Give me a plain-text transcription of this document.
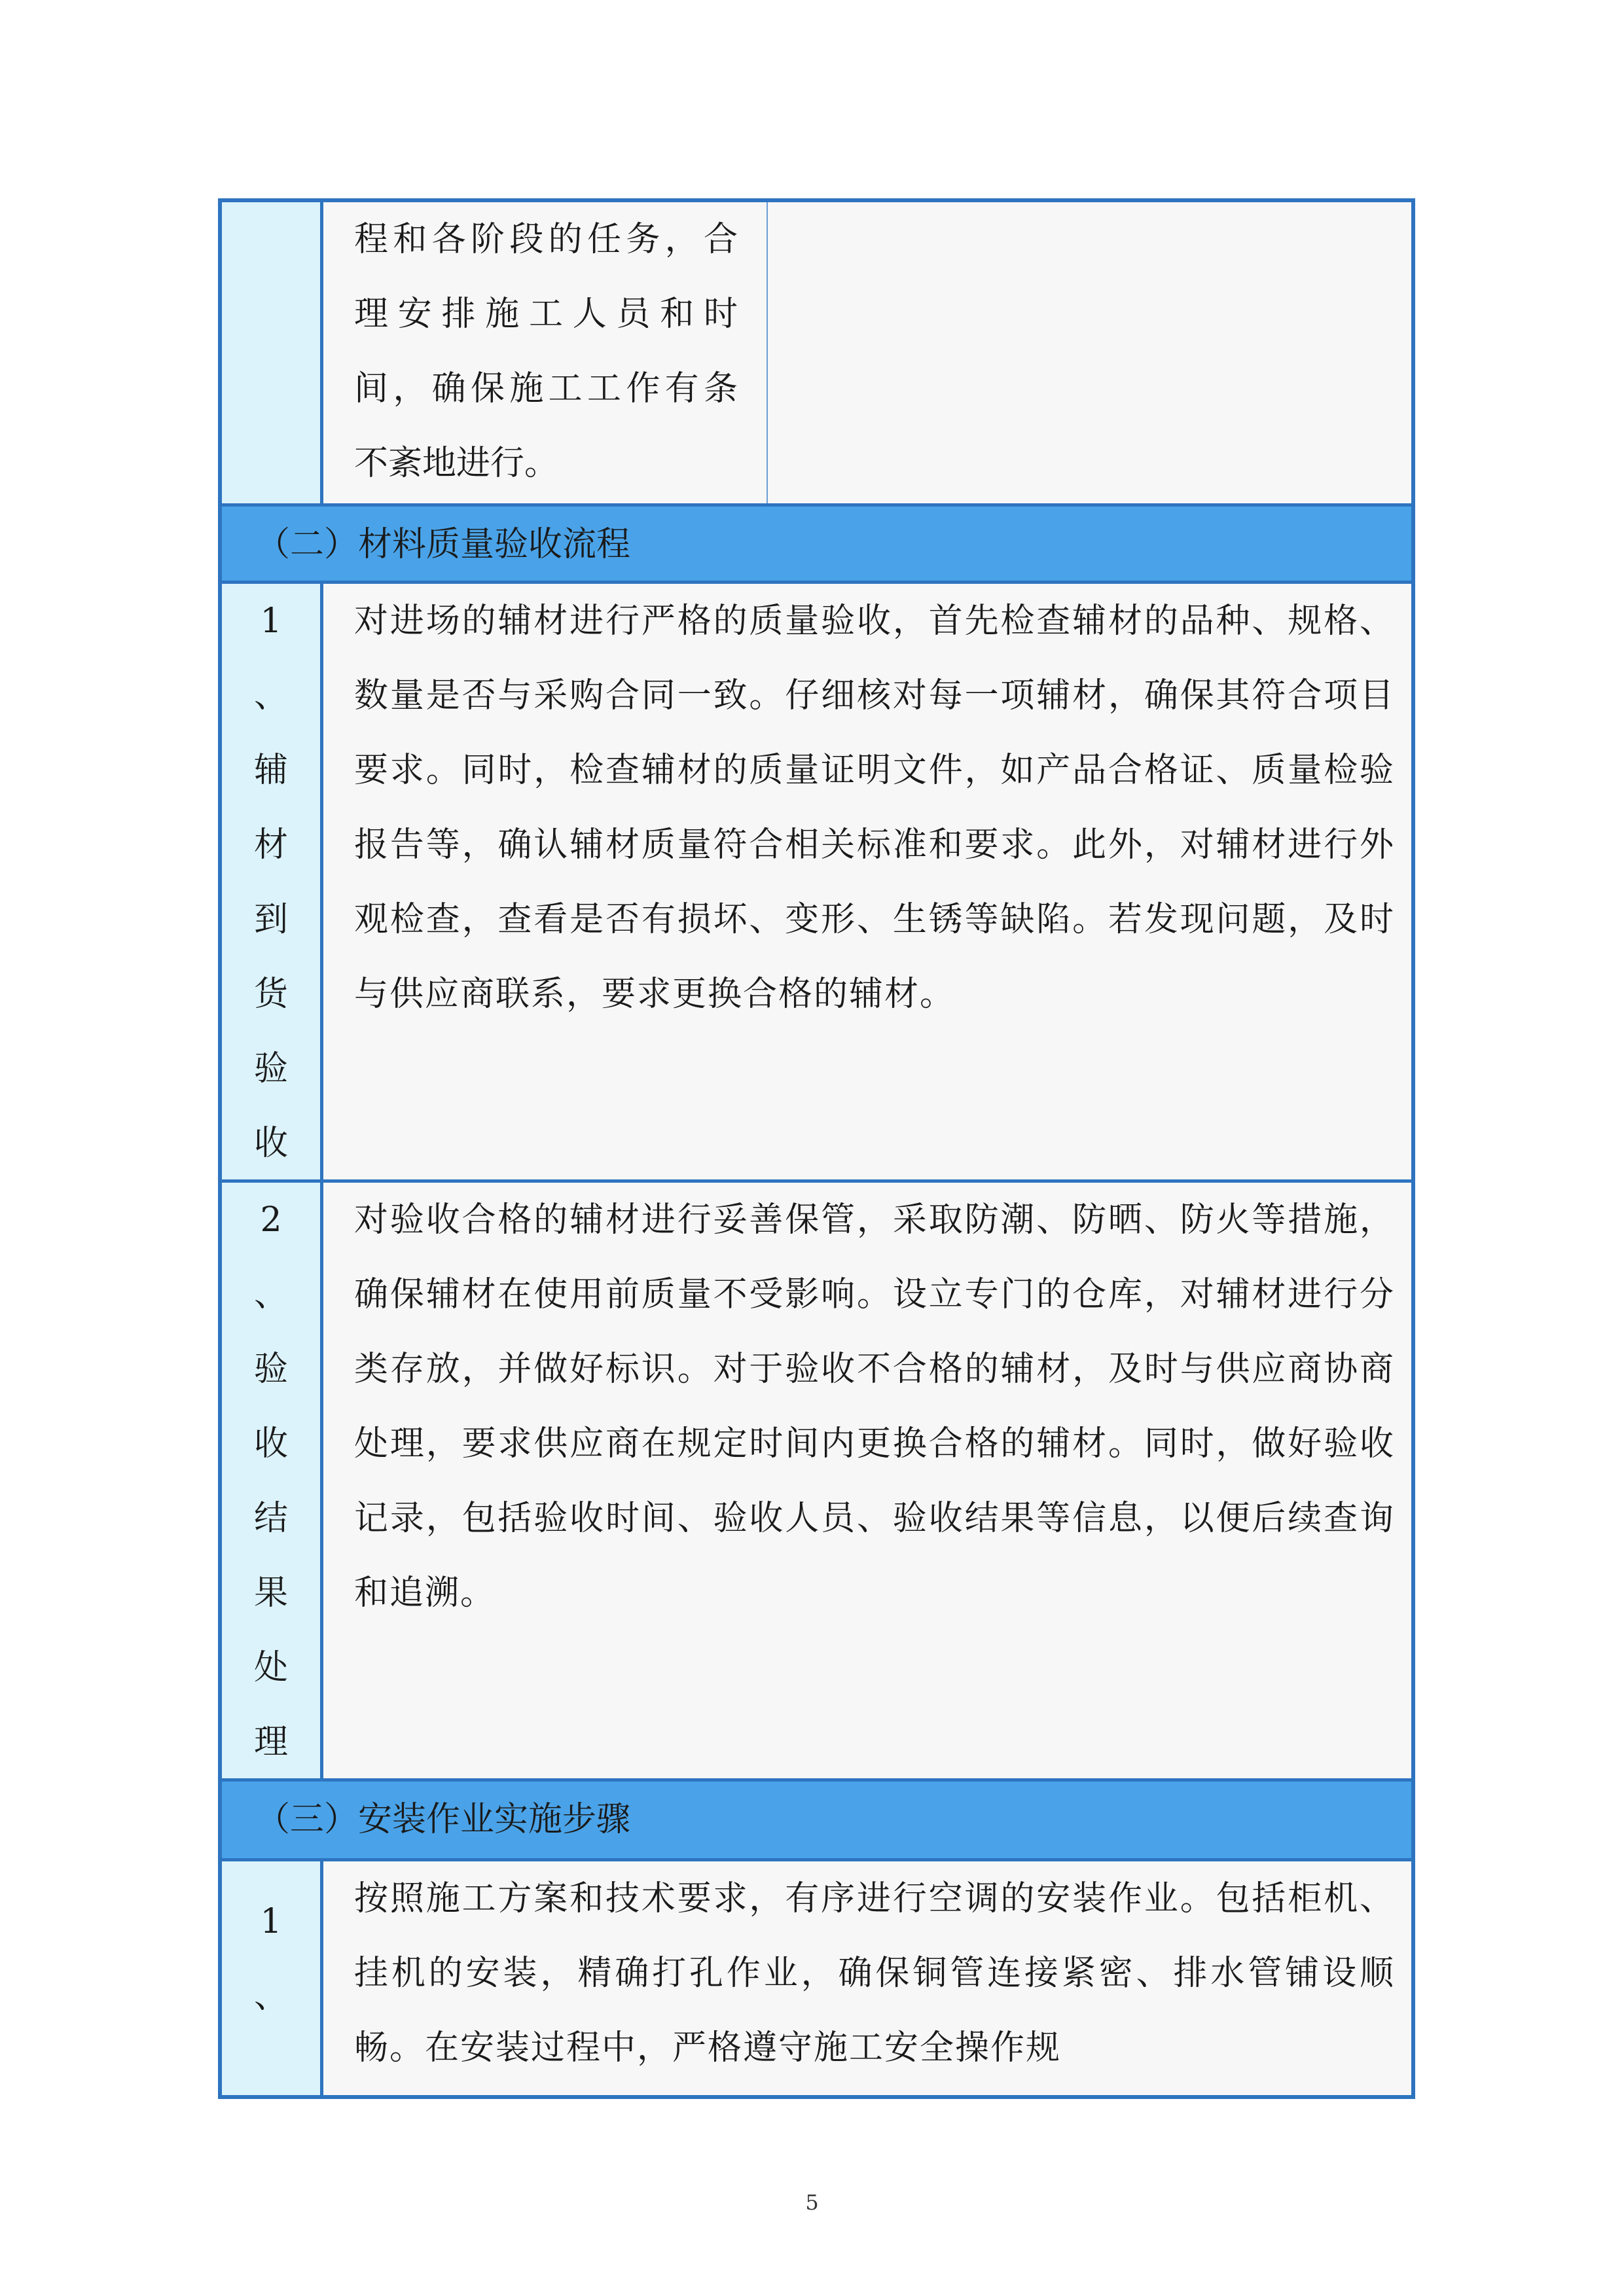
程和各阶段的任务，合
理安排施工人员和时
间，确保施工工作有条
不紊地进行。

（二）材料质量验收流程
1
、
辅
材
到
货
验
收

对进场的辅材进行严格的质量验收，首先检查辅材的品种、规格、数量是否与采购合同一致。仔细核对每一项辅材，确保其符合项目要求。同时，检查辅材的质量证明文件，如产品合格证、质量检验报告等，确认辅材质量符合相关标准和要求。此外，对辅材进行外观检查，查看是否有损坏、变形、生锈等缺陷。若发现问题，及时与供应商联系，要求更换合格的辅材。

2
、
验
收
结
果
处
理

对验收合格的辅材进行妥善保管，采取防潮、防晒、防火等措施，确保辅材在使用前质量不受影响。设立专门的仓库，对辅材进行分类存放，并做好标识。对于验收不合格的辅材，及时与供应商协商处理，要求供应商在规定时间内更换合格的辅材。同时，做好验收记录，包括验收时间、验收人员、验收结果等信息，以便后续查询和追溯。

（三）安装作业实施步骤
1
、

按照施工方案和技术要求，有序进行空调的安装作业。包括柜机、挂机的安装，精确打孔作业，确保铜管连接紧密、排水管铺设顺畅。在安装过程中，严格遵守施工安全操作规

5
